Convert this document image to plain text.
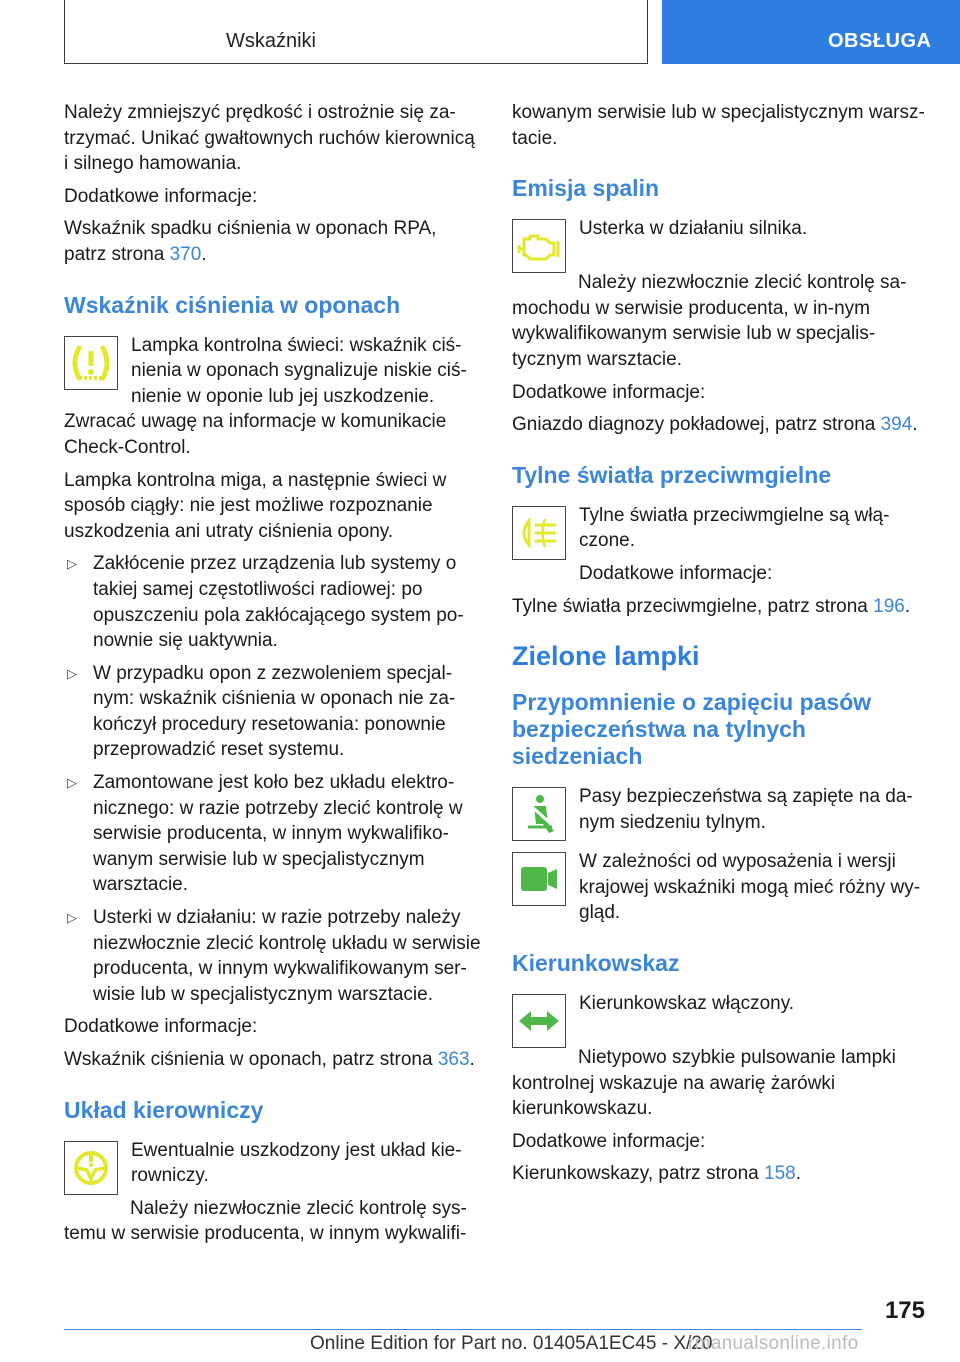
Wskaźniki	OBSŁUGA

Należy zmniejszyć prędkość i ostrożnie się za-trzymać. Unikać gwałtownych ruchów kierownicą i silnego hamowania.

Dodatkowe informacje:

Wskaźnik spadku ciśnienia w oponach RPA, patrz strona 370.

Wskaźnik ciśnienia w oponach
Lampka kontrolna świeci: wskaźnik ciś-nienia w oponach sygnalizuje niskie ciś-nienie w oponie lub jej uszkodzenie.

Zwracać uwagę na informacje w komunikacie Check-Control.

Lampka kontrolna miga, a następnie świeci w sposób ciągły: nie jest możliwe rozpoznanie uszkodzenia ani utraty ciśnienia opony.

▷ Zakłócenie przez urządzenia lub systemy o takiej samej częstotliwości radiowej: po opuszczeniu pola zakłócającego system po-nownie się uaktywnia.
▷ W przypadku opon z zezwoleniem specjal-nym: wskaźnik ciśnienia w oponach nie za-kończył procedury resetowania: ponownie przeprowadzić reset systemu.
▷ Zamontowane jest koło bez układu elektro-nicznego: w razie potrzeby zlecić kontrolę w serwisie producenta, w innym wykwalifiko-wanym serwisie lub w specjalistycznym warsztacie.
▷ Usterki w działaniu: w razie potrzeby należy niezwłocznie zlecić kontrolę układu w serwisie producenta, w innym wykwalifikowanym ser-wisie lub w specjalistycznym warsztacie.

Dodatkowe informacje:

Wskaźnik ciśnienia w oponach, patrz strona 363.

Układ kierowniczy

Ewentualnie uszkodzony jest układ kie-rowniczy.

Należy niezwłocznie zlecić kontrolę sys-temu w serwisie producenta, w innym wykwalifi-

kowanym serwisie lub w specjalistycznym warsz-tacie.

Emisja spalin

Usterka w działaniu silnika.

Należy niezwłocznie zlecić kontrolę sa-mochodu w serwisie producenta, w in-nym wykwalifikowanym serwisie lub w specjalis-tycznym warsztacie.

Dodatkowe informacje:

Gniazdo diagnozy pokładowej, patrz strona 394.

Tylne światła przeciwmgielne

Tylne światła przeciwmgielne są włą-czone.

Dodatkowe informacje:

Tylne światła przeciwmgielne, patrz strona 196.

Zielone lampki
Przypomnienie o zapięciu pasów bezpieczeństwa na tylnych siedzeniach
Pasy bezpieczeństwa są zapięte na da-nym siedzeniu tylnym.
W zależności od wyposażenia i wersji krajowej wskaźniki mogą mieć różny wy-gląd.
Kierunkowskaz

Kierunkowskaz włączony.

Nietypowo szybkie pulsowanie lampki kontrolnej wskazuje na awarię żarówki kierunkowskazu.

Dodatkowe informacje:

Kierunkowskazy, patrz strona 158.

175
Online Edition for Part no. 01405A1EC45 - X/20
rmanualsonline.info
